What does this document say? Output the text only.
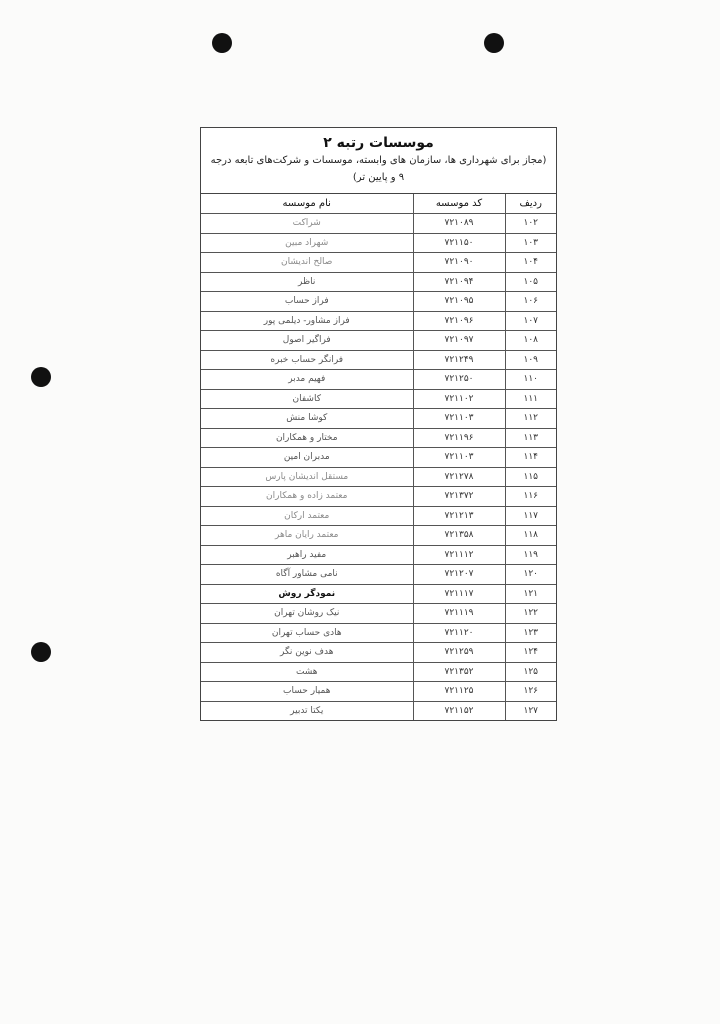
موسسات رتبه ۲
(مجاز برای شهرداری ها، سازمان های وابسته، موسسات و شرکت‌های تابعه درجه ۹ و پایین تر)
ردیف	کد موسسه	نام موسسه
۱۰۲	۷۲۱۰۸۹	شراکت
۱۰۳	۷۲۱۱۵۰	شهراد مبین
۱۰۴	۷۲۱۰۹۰	صالح اندیشان
۱۰۵	۷۲۱۰۹۴	ناظر
۱۰۶	۷۲۱۰۹۵	فراز حساب
۱۰۷	۷۲۱۰۹۶	فراز مشاور- دیلمی پور
۱۰۸	۷۲۱۰۹۷	فراگیر اصول
۱۰۹	۷۲۱۲۴۹	فرانگر حساب خبره
۱۱۰	۷۲۱۲۵۰	فهیم مدبر
۱۱۱	۷۲۱۱۰۲	کاشفان
۱۱۲	۷۲۱۱۰۳	کوشا منش
۱۱۳	۷۲۱۱۹۶	مختار و همکاران
۱۱۴	۷۲۱۱۰۳	مدبران امین
۱۱۵	۷۲۱۲۷۸	مستقل اندیشان پارس
۱۱۶	۷۲۱۳۷۲	معتمد زاده و همکاران
۱۱۷	۷۲۱۲۱۳	معتمد ارکان
۱۱۸	۷۲۱۳۵۸	معتمد رایان ماهر
۱۱۹	۷۲۱۱۱۲	مفید راهبر
۱۲۰	۷۲۱۲۰۷	نامی مشاور آگاه
۱۲۱	۷۲۱۱۱۷	نمودگر روش
۱۲۲	۷۲۱۱۱۹	نیک روشان تهران
۱۲۳	۷۲۱۱۲۰	هادی حساب تهران
۱۲۴	۷۲۱۲۵۹	هدف نوین نگر
۱۲۵	۷۲۱۳۵۲	هشت
۱۲۶	۷۲۱۱۲۵	همیار حساب
۱۲۷	۷۲۱۱۵۲	یکتا تدبیر
